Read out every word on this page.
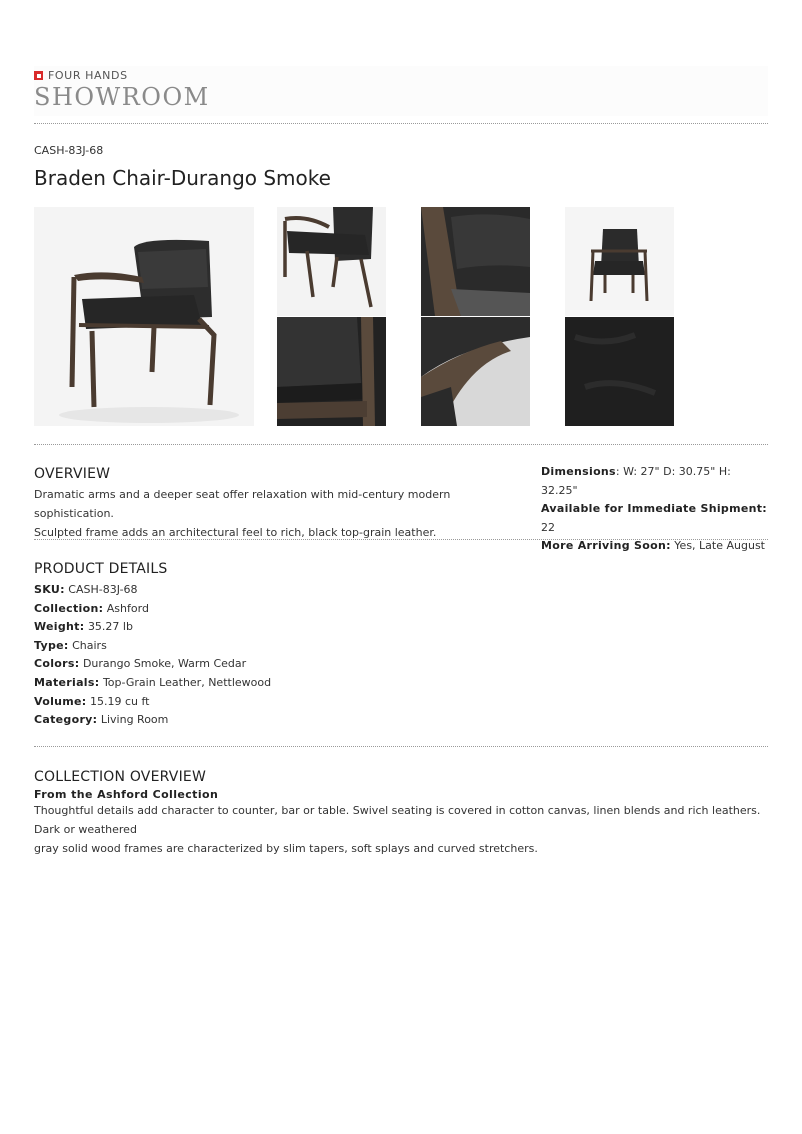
FOUR HANDS
SHOWROOM
CASH-83J-68
Braden Chair-Durango Smoke
OVERVIEW
Dramatic arms and a deeper seat offer relaxation with mid-century modern sophistication.
Sculpted frame adds an architectural feel to rich, black top-grain leather.
Dimensions: W: 27" D: 30.75" H: 32.25"
Available for Immediate Shipment: 22
More Arriving Soon: Yes, Late August
PRODUCT DETAILS
SKU: CASH-83J-68
Collection: Ashford
Weight: 35.27 lb
Type: Chairs
Colors: Durango Smoke, Warm Cedar
Materials: Top-Grain Leather, Nettlewood
Volume: 15.19 cu ft
Category: Living Room
COLLECTION OVERVIEW
From the Ashford Collection
Thoughtful details add character to counter, bar or table. Swivel seating is covered in cotton canvas, linen blends and rich leathers. Dark or weathered
gray solid wood frames are characterized by slim tapers, soft splays and curved stretchers.
